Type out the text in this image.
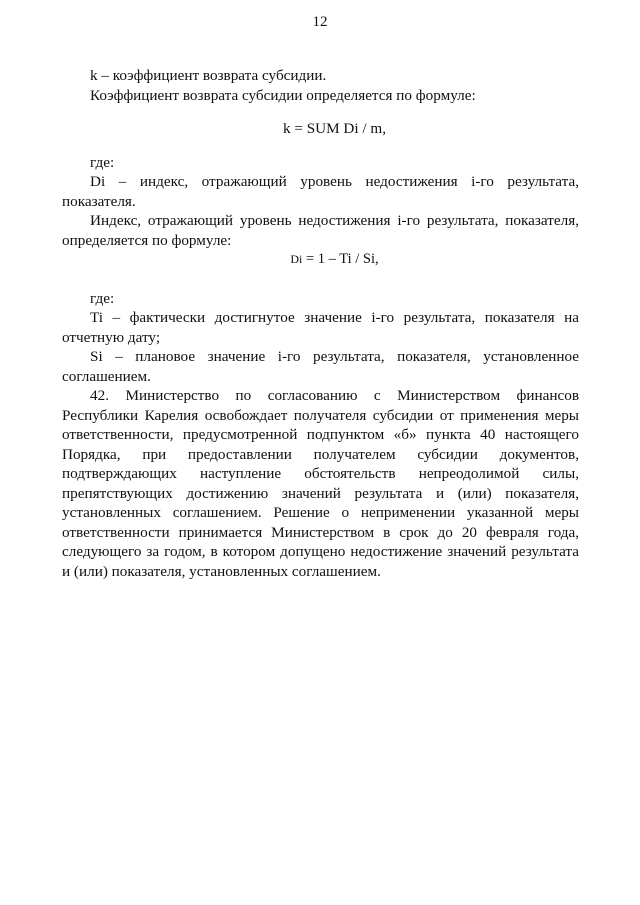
12
k – коэффициент возврата субсидии.
Коэффициент возврата субсидии определяется по формуле:
k = SUM Di / m,
где:
Di – индекс, отражающий уровень недостижения i-го результата,
показателя.
Индекс, отражающий уровень недостижения i-го результата, показателя,
определяется по формуле:
Di = 1 – Ti / Si,
где:
Ti – фактически достигнутое значение i-го результата, показателя на
отчетную дату;
Si – плановое значение i-го результата, показателя, установленное
соглашением.
42. Министерство по согласованию с Министерством финансов
Республики Карелия освобождает получателя субсидии от применения меры
ответственности, предусмотренной подпунктом «б» пункта 40 настоящего
Порядка, при предоставлении получателем субсидии документов,
подтверждающих наступление обстоятельств непреодолимой силы,
препятствующих достижению значений результата и (или) показателя,
установленных соглашением. Решение о неприменении указанной меры
ответственности принимается Министерством в срок до 20 февраля года,
следующего за годом, в котором допущено недостижение значений результата
и (или) показателя, установленных соглашением.
